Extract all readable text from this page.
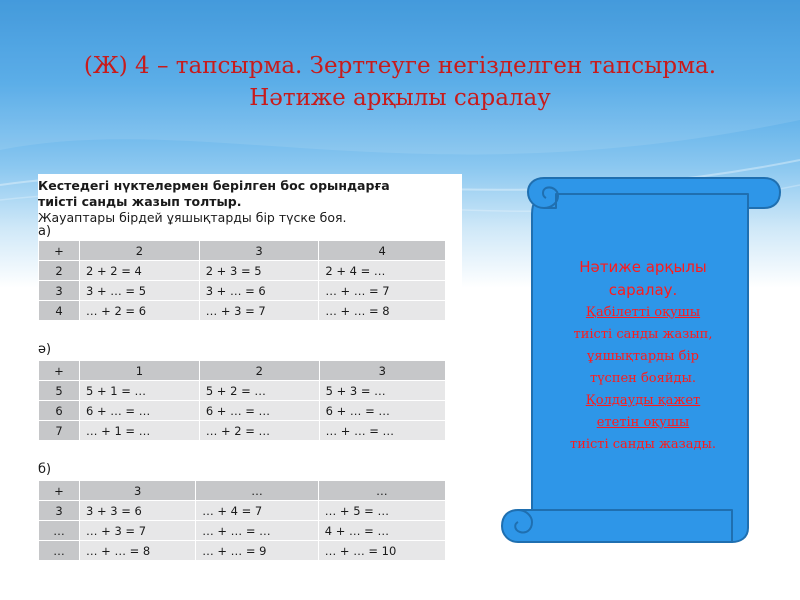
(Ж) 4 – тапсырма. Зерттеуге негізделген тапсырма.
Нәтиже арқылы саралау
Кестедегі нүктелермен берілген бос орындарға
тиісті санды жазып толтыр.
Жауаптары бірдей ұяшықтарды бір түске боя.
а)
+	2	3	4
2	2 + 2 = 4	2 + 3 = 5	2 + 4 = …
3	3 + … = 5	3 + … = 6	… + … = 7
4	… + 2 = 6	… + 3 = 7	… + … = 8
ә)
+	1	2	3
5	5 + 1 = …	5 + 2 = …	5 + 3 = …
6	6 + … = …	6 + … = …	6 + … = …
7	… + 1 = …	… + 2 = …	… + … = …
б)
+	3	…	…
3	3 + 3 = 6	… + 4 = 7	… + 5 = …
…	… + 3 = 7	… + … = …	4 + … = …
…	… + … = 8	… + … = 9	… + … = 10
Нәтиже арқылы
саралау.
Қабілетті оқушы
тиісті санды жазып,
ұяшықтарды бір
түспен бояйды.
Қолдауды қажет
ететін оқушы
тиісті санды жазады.
